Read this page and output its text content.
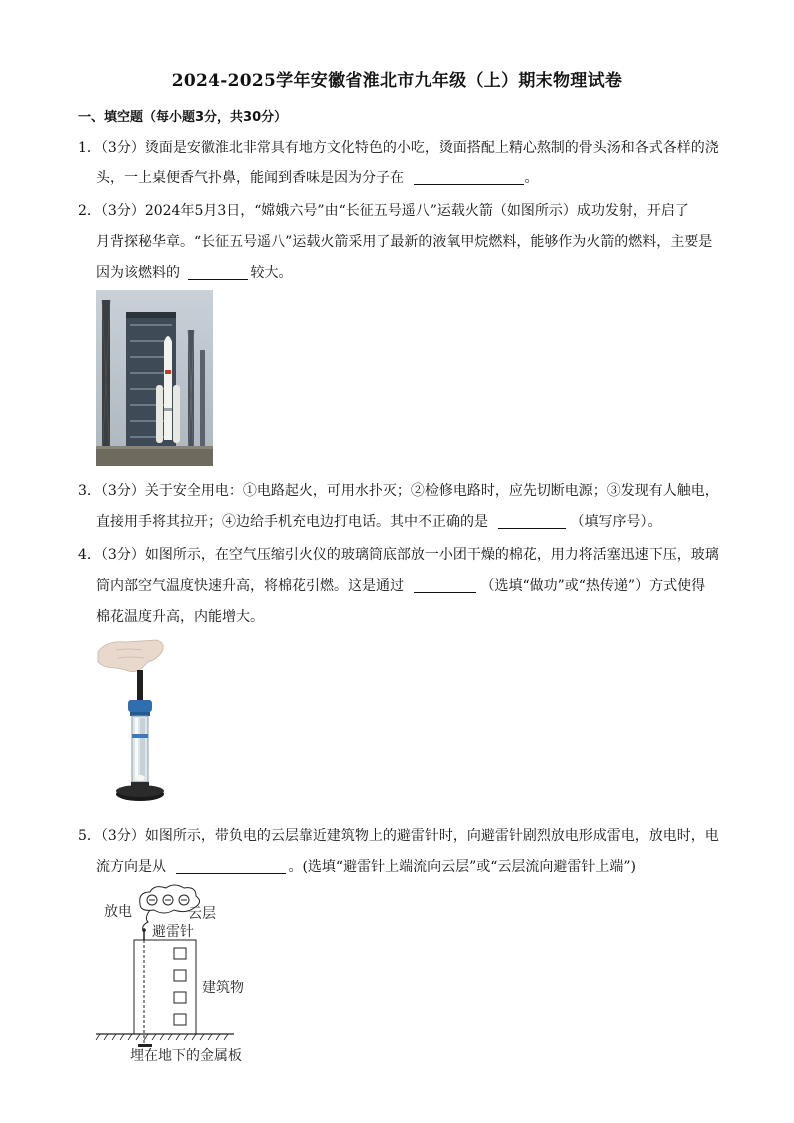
2024-2025学年安徽省淮北市九年级（上）期末物理试卷
一、填空题（每小题3分，共30分）
1．（3分）烫面是安徽淮北非常具有地方文化特色的小吃，烫面搭配上精心熬制的骨头汤和各式各样的浇
头，一上桌便香气扑鼻，能闻到香味是因为分子在	。
2．（3分）2024年5月3日，“嫦娥六号”由“长征五号遥八”运载火箭（如图所示）成功发射，开启了
月背探秘华章。“长征五号遥八”运载火箭采用了最新的液氧甲烷燃料，能够作为火箭的燃料，主要是
因为该燃料的	较大。
3．（3分）关于安全用电：①电路起火，可用水扑灭；②检修电路时，应先切断电源；③发现有人触电，
直接用手将其拉开；④边给手机充电边打电话。其中不正确的是	（填写序号）。
4．（3分）如图所示，在空气压缩引火仪的玻璃筒底部放一小团干燥的棉花，用力将活塞迅速下压，玻璃
筒内部空气温度快速升高，将棉花引燃。这是通过	（选填“做功”或“热传递”）方式使得
棉花温度升高，内能增大。
5．（3分）如图所示，带负电的云层靠近建筑物上的避雷针时，向避雷针剧烈放电形成雷电，放电时，电
流方向是从	。(选填“避雷针上端流向云层”或“云层流向避雷针上端”)
放电	云层
避雷针
建筑物
埋在地下的金属板
